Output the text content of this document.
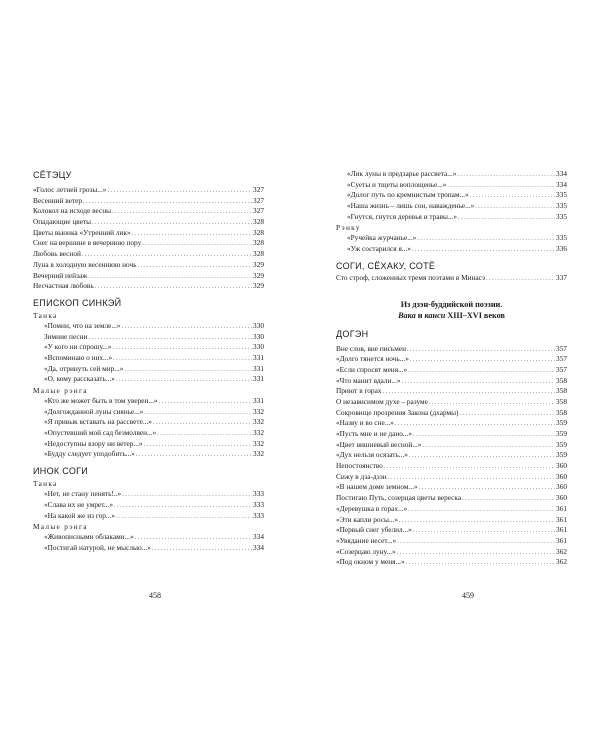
СЁТЭЦУ
«Голос летней грозы...» .....	327
Весенний ветер .....	327
Колокол на исходе весны .....	327
Опадающие цветы .....	328
Цветы вьюнка «Утренний лик» .....	328
Снег на вершине в вечернюю пору .....	328
Любовь весной .....	328
Луна в холодную весеннюю ночь .....	329
Вечерний пейзаж .....	329
Несчастная любовь .....	329
ЕПИСКОП СИНКЭЙ
Танка
«Помни, что на земле...» .....	330
Зимние песни .....	330
«У кого ни спрошу...» .....	330
«Вспоминаю о них...» .....	331
«Да, отринуть сей мир...» .....	331
«О, кому рассказать...» .....	331
Малые рэнга
«Кто же может быть в том уверен...» .....	331
«Долгожданной луны сиянье...» .....	332
«Я привык вставать на рассвете...» .....	332
«Опустевший мой сад безмолвен...» .....	332
«Недоступны взору ни ветер...» .....	332
«Будду следует уподобить...» .....	332
ИНОК СОГИ
Танка
«Нет, не стану пенять!..» .....	333
«Слава их не умрет...» .....	333
«На какой же из гор...» .....	333
Малые рэнга
«Живописными облаками...» .....	334
«Постигай натурой, не мыслью...» .....	334
458
«Лик луны в предзарье рассвета...» .....	334
«Суеты и тщеты воплощенье...» .....	334
«Долог путь по кремнистым тропам...» .....	335
«Наша жизнь – лишь сон, наважденье...» .....	335
«Гнутся, гнутся деревья и травы...» .....	335
Рэнку
«Ручейка журчанье...» .....	335
«Уж состарился я...» .....	336
СОГИ, СЁХАКУ, СОТЁ
Сто строф, сложенных тремя поэтами в Минасэ .....	337
Из дзэн-буддийской поэзии.
Вака и канси XIII–XVI веков
ДОГЭН
Вне слов, вне письмен .....	357
«Долго тянется ночь...» .....	357
«Если спросят меня...» .....	357
«Что манит вдали...» .....	358
Приют в горах .....	358
О независимом духе – разуме .....	358
Сокровище прозрения Закона (дхармы) .....	358
«Назву и во сне...» .....	359
«Пусть мне и не дано...» .....	359
«Цвет вишневый весной...» .....	359
«Дух нельзя осязать...» .....	359
Непостоянство .....	360
Сижу в дза-дзэн .....	360
«В нашем доме земном...» .....	360
Постигаю Путь, созерцая цветы вереска .....	360
«Деревушка в горах...» .....	361
«Эти капли росы...» .....	361
«Первый снег убелил...» .....	361
«Увядание несет...» .....	361
«Созерцаю луну...» .....	362
«Под окном у меня...» .....	362
459
